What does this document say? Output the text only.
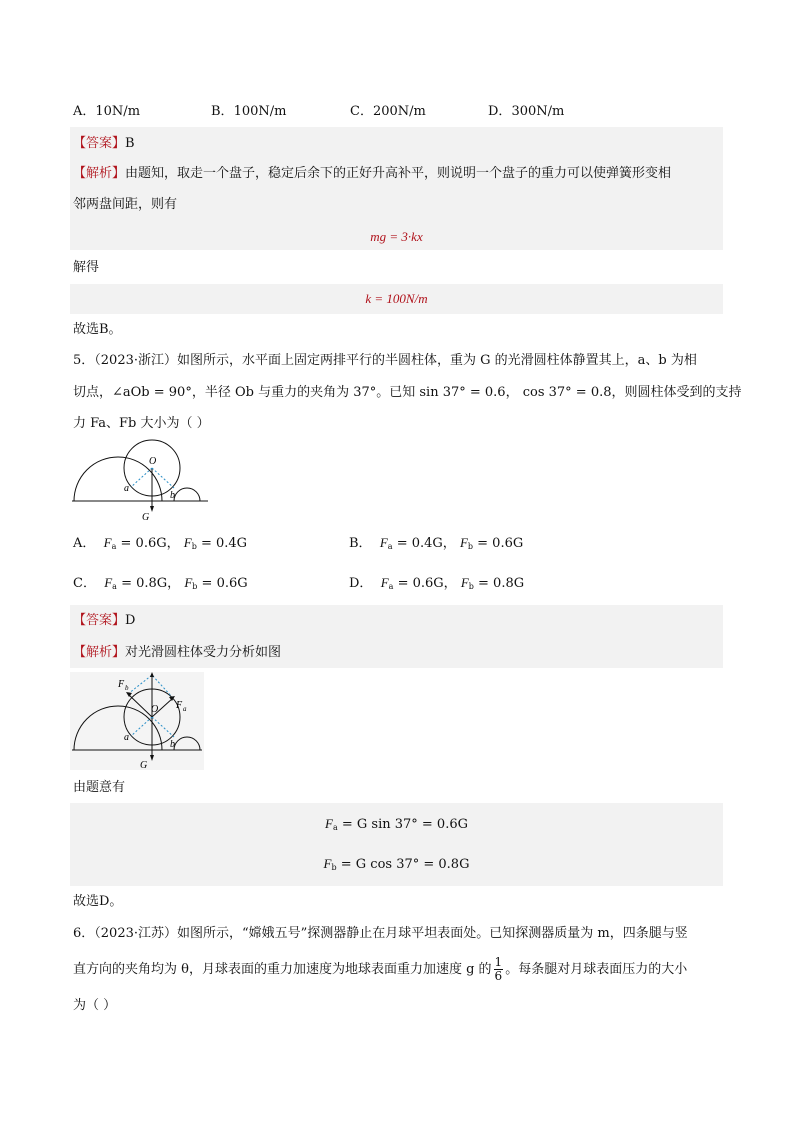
A．10N/m	B．100N/m	C．200N/m	D．300N/m
【答案】B
【解析】由题知，取走一个盘子，稳定后余下的正好升高补平，则说明一个盘子的重力可以使弹簧形变相
邻两盘间距，则有
mg = 3·kx
解得
k = 100N/m
故选B。
5．（2023·浙江）如图所示，水平面上固定两排平行的半圆柱体，重为 G 的光滑圆柱体静置其上，a、b 为相
切点，∠aOb = 90°，半径 Ob 与重力的夹角为 37°。已知 sin 37° = 0.6， cos 37° = 0.8，则圆柱体受到的支持
力 Fa、Fb 大小为（ ）
O
a
b
G
A． $F_a = 0.6G$， $F_b = 0.4G$	B． $F_a = 0.4G$， $F_b = 0.6G$
C． $F_a = 0.8G$， $F_b = 0.6G$	D． $F_a = 0.6G$， $F_b = 0.8G$
【答案】D
【解析】对光滑圆柱体受力分析如图
F b
F a
O
a
b
G
由题意有
$F_a = G$ sin 37° = 0.6G
$F_b = G$ cos 37° = 0.8G
故选D。
6．（2023·江苏）如图所示，“嫦娥五号”探测器静止在月球平坦表面处。已知探测器质量为 m，四条腿与竖
直方向的夹角均为 θ，月球表面的重力加速度为地球表面重力加速度 g 的 $\frac{1}{6}$ 。每条腿对月球表面压力的大小
为（ ）
